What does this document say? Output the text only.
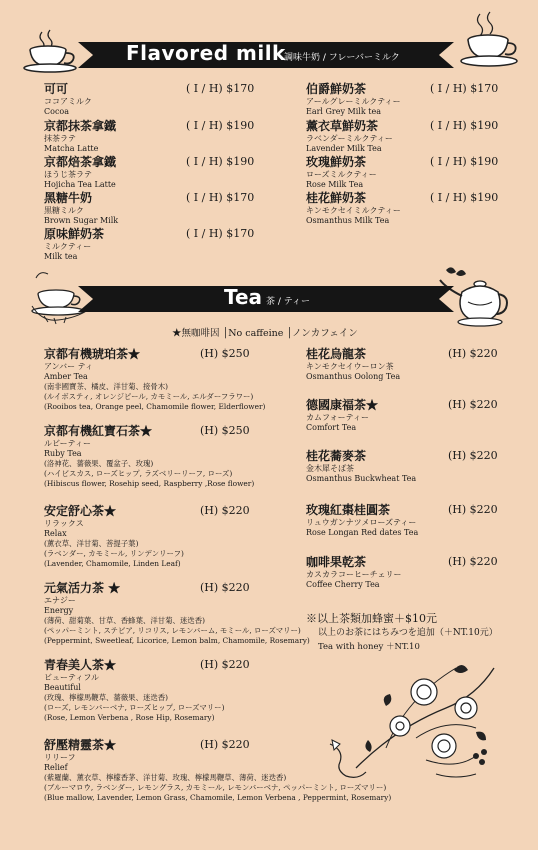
Flavored milk
調味牛奶 / フレーバーミルク
可可
ココアミルク
Cocoa
( I / H) $170
京都抹茶拿鐵
抹茶ラテ
Matcha Latte
( I / H) $190
京都焙茶拿鐵
ほうじ茶ラテ
Hojicha Tea Latte
( I / H) $190
黑糖牛奶
黒糖ミルク
Brown Sugar Milk
( I / H) $170
原味鮮奶茶
ミルクティー
Milk tea
( I / H) $170
伯爵鮮奶茶
アールグレーミルクティー
Earl Grey Milk tea
( I / H) $170
薰衣草鮮奶茶
ラベンダーミルクティー
Lavender Milk Tea
( I / H) $190
玫瑰鮮奶茶
ローズミルクティー
Rose Milk Tea
( I / H) $190
桂花鮮奶茶
キンモクセイミルクティー
Osmanthus Milk Tea
( I / H) $190
Tea 茶 / ティー
★無咖啡因 │No caffeine │ノンカフェイン
京都有機琥珀茶★
アンバー ティ
Amber Tea
(南非國寶茶、橘皮、洋甘菊、接骨木)
(ルイボスティ, オレンジピール, カモミール, エルダーフラワー)
(Rooibos tea, Orange peel, Chamomile flower, Elderflower)
(H) $250
京都有機紅寶石茶★
ルビーティー
Ruby Tea
(洛神花、薔薇果、覆盆子、玫瑰)
(ハイビスカス, ローズヒップ, ラズベリーリーフ, ローズ)
(Hibiscus flower, Rosehip seed, Raspberry ,Rose flower)
(H) $250
安定舒心茶★
リラックス
Relax
(薰衣草、洋甘菊、菩提子葉)
(ラベンダー, カモミール, リンデンリーフ)
(Lavender, Chamomile, Linden Leaf)
(H) $220
元氣活力茶 ★
エナジー
Energy
(薄荷、甜菊葉、甘草、香蜂葉、洋甘菊、迷迭香)
(ペッパーミント, ステビア, リコリス, レモンバーム, モミール, ローズマリー)
(Peppermint, Sweetleaf, Licorice, Lemon balm, Chamomile, Rosemary)
(H) $220
青春美人茶★
ビューティフル
Beautiful
(玫瑰、檸檬馬鞭草、薔薇果、迷迭香)
(ローズ, レモンバーベナ, ローズヒップ, ローズマリー)
(Rose, Lemon Verbena , Rose Hip, Rosemary)
(H) $220
舒壓精靈茶★
リリーフ
Relief
(紫羅蘭、薰衣草、檸檬香茅、洋甘菊、玫瑰、檸檬馬鞭草、薄荷、迷迭香)
(ブルーマロウ, ラベンダー, レモングラス, カモミール, レモンバーベナ, ペッパーミント, ローズマリー)
(Blue mallow, Lavender, Lemon Grass, Chamomile, Lemon Verbena , Peppermint, Rosemary)
(H) $220
桂花烏龍茶
キンモクセイウーロン茶
Osmanthus Oolong Tea
(H) $220
德國康福茶★
カムフォーティー
Comfort Tea
(H) $220
桂花蕎麥茶
金木犀そば茶
Osmanthus Buckwheat Tea
(H) $220
玫瑰紅棗桂圓茶
リュウガンナツメローズティー
Rose Longan Red dates Tea
(H) $220
咖啡果乾茶
カスカラコーヒーチェリー
Coffee Cherry Tea
(H) $220
※以上茶類加蜂蜜＋$10元
以上のお茶にはちみつを追加（＋NT.10元）
Tea with honey ＋NT.10
